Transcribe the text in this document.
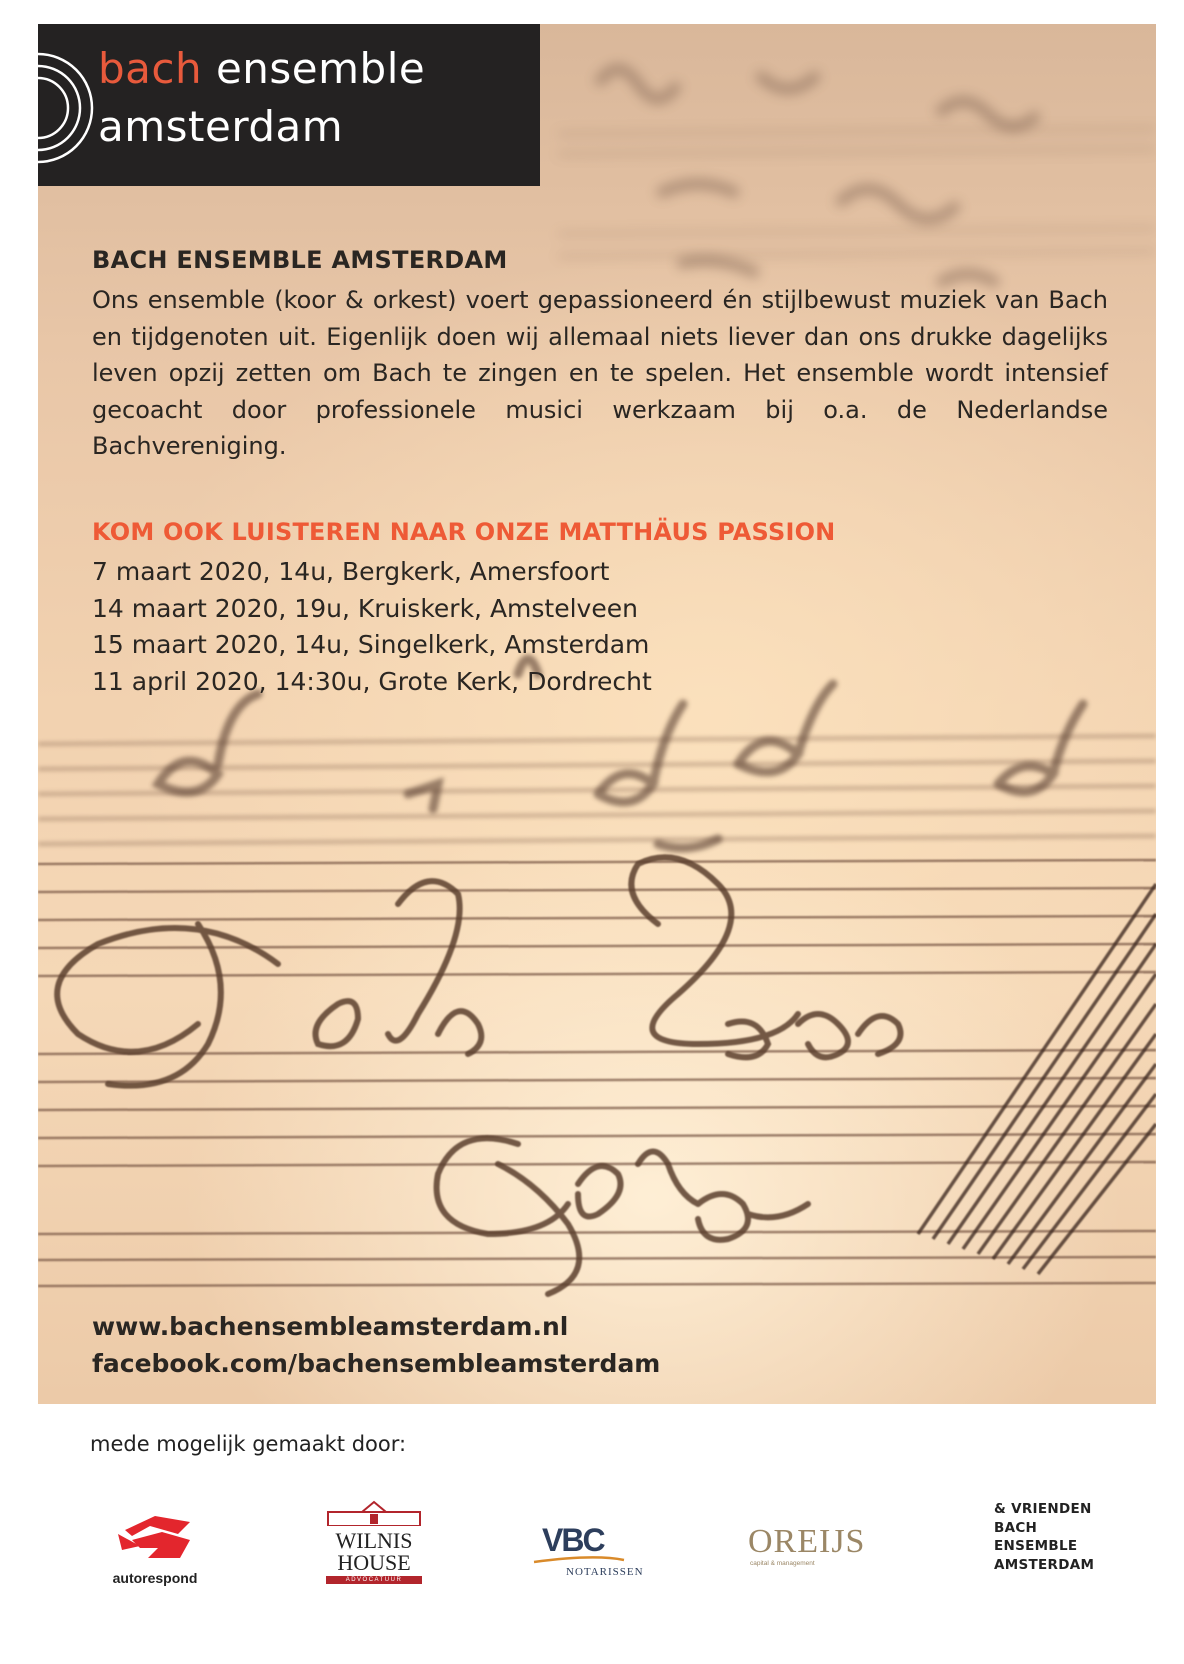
bach ensemble
amsterdam
BACH ENSEMBLE AMSTERDAM

Ons ensemble (koor & orkest) voert gepassioneerd én stijlbewust muziek van Bach en tijdgenoten uit. Eigenlijk doen wij allemaal niets liever dan ons drukke dagelijks leven opzij zetten om Bach te zingen en te spelen. Het ensemble wordt intensief gecoacht door professionele musici werkzaam bij o.a. de Nederlandse Bachvereniging.

KOM OOK LUISTEREN NAAR ONZE MATTHÄUS PASSION
7 maart 2020, 14u, Bergkerk, Amersfoort
14 maart 2020, 19u, Kruiskerk, Amstelveen
15 maart 2020, 14u, Singelkerk, Amsterdam
11 april 2020, 14:30u, Grote Kerk, Dordrecht
www.bachensembleamsterdam.nl
facebook.com/bachensembleamsterdam
mede mogelijk gemaakt door:
autorespond
WILNIS
HOUSE
ADVOCATUUR
VBC
NOTARISSEN
OREIJS
capital & management
& VRIENDEN
BACH
ENSEMBLE
AMSTERDAM
